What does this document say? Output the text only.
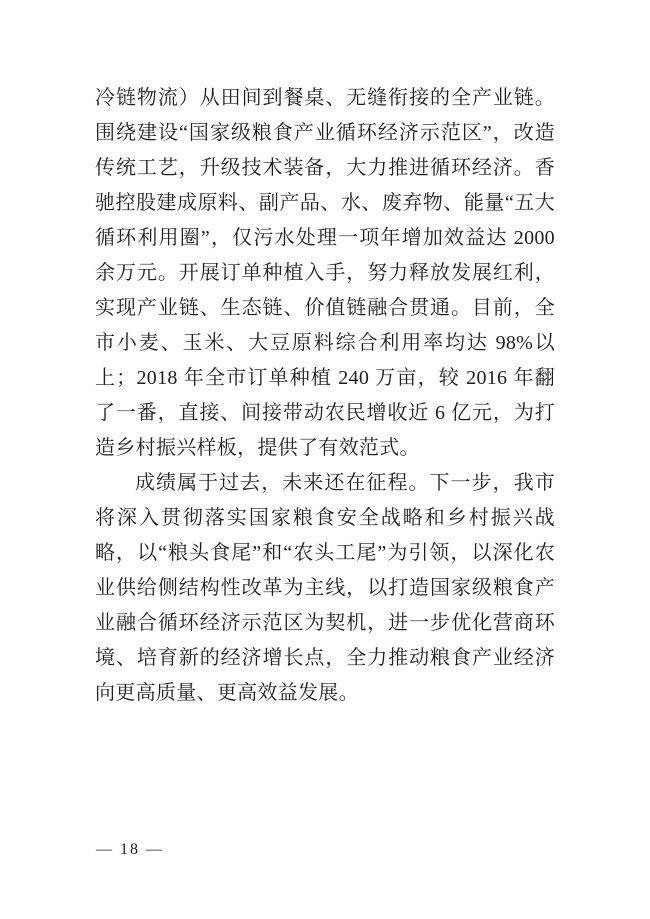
冷链物流）从田间到餐桌、无缝衔接的全产业链。围绕建设“国家级粮食产业循环经济示范区”，改造传统工艺，升级技术装备，大力推进循环经济。香驰控股建成原料、副产品、水、废弃物、能量“五大循环利用圈”，仅污水处理一项年增加效益达 2000 余万元。开展订单种植入手，努力释放发展红利，实现产业链、生态链、价值链融合贯通。目前，全市小麦、玉米、大豆原料综合利用率均达 98%以上；2018 年全市订单种植 240 万亩，较 2016 年翻了一番，直接、间接带动农民增收近 6 亿元，为打造乡村振兴样板，提供了有效范式。

成绩属于过去，未来还在征程。下一步，我市将深入贯彻落实国家粮食安全战略和乡村振兴战略，以“粮头食尾”和“农头工尾”为引领，以深化农业供给侧结构性改革为主线，以打造国家级粮食产业融合循环经济示范区为契机，进一步优化营商环境、培育新的经济增长点，全力推动粮食产业经济向更高质量、更高效益发展。

— 18 —
